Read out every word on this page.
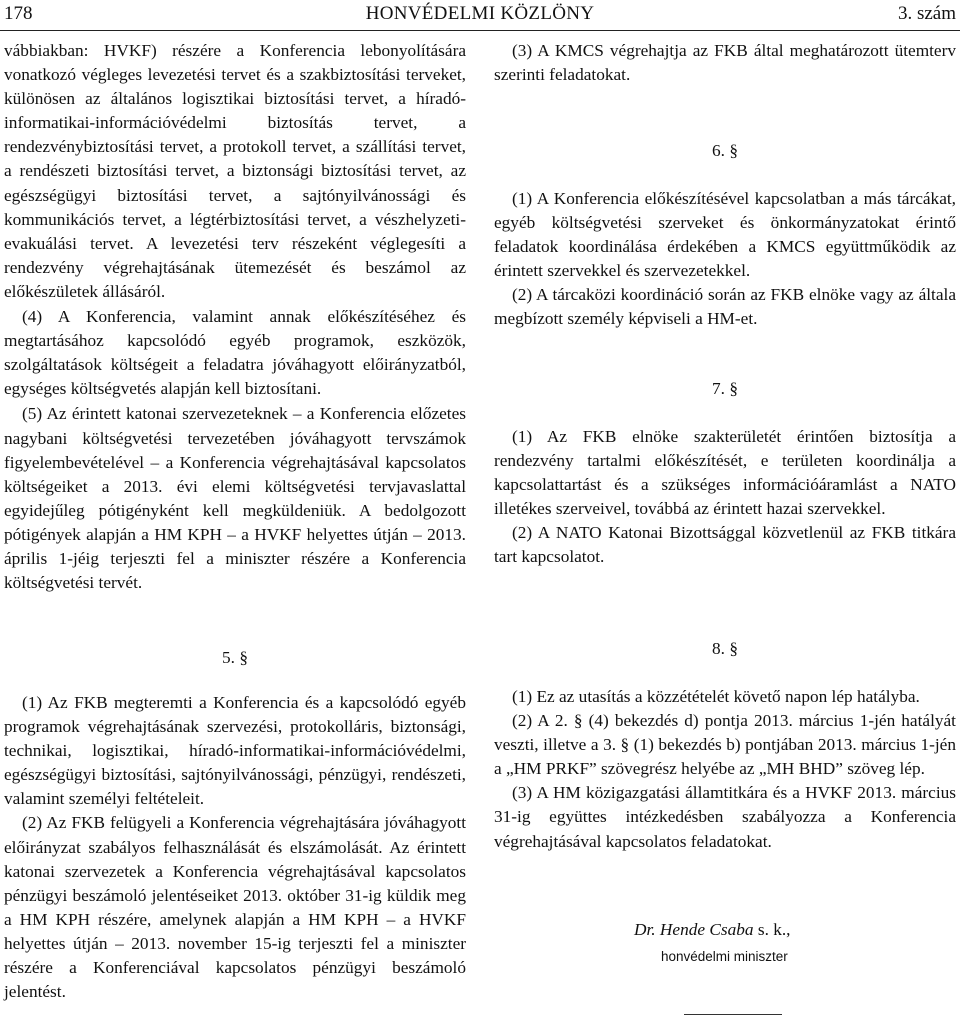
178	HONVÉDELMI KÖZLÖNY	3. szám

vábbiakban: HVKF) részére a Konferencia lebonyolítására vonatkozó végleges levezetési tervet és a szakbiztosítási terveket, különösen az általános logisztikai biztosítási tervet, a híradó-informatikai-információvédelmi biztosítás tervet, a rendezvénybiztosítási tervet, a protokoll tervet, a szállítási tervet, a rendészeti biztosítási tervet, a biztonsági biztosítási tervet, az egészségügyi biztosítási tervet, a sajtónyilvánossági és kommunikációs tervet, a légtérbiztosítási tervet, a vészhelyzeti-evakuálási tervet. A levezetési terv részeként véglegesíti a rendezvény végrehajtásának ütemezését és beszámol az előkészületek állásáról.

(4) A Konferencia, valamint annak előkészítéséhez és megtartásához kapcsolódó egyéb programok, eszközök, szolgáltatások költségeit a feladatra jóváhagyott előirányzatból, egységes költségvetés alapján kell biztosítani.

(5) Az érintett katonai szervezeteknek – a Konferencia előzetes nagybani költségvetési tervezetében jóváhagyott tervszámok figyelembevételével – a Konferencia végrehajtásával kapcsolatos költségeiket a 2013. évi elemi költségvetési tervjavaslattal egyidejűleg pótigényként kell megküldeniük. A bedolgozott pótigények alapján a HM KPH – a HVKF helyettes útján – 2013. április 1-jéig terjeszti fel a miniszter részére a Konferencia költségvetési tervét.

(3) A KMCS végrehajtja az FKB által meghatározott ütemterv szerinti feladatokat.

6. §

(1) A Konferencia előkészítésével kapcsolatban a más tárcákat, egyéb költségvetési szerveket és önkormányzatokat érintő feladatok koordinálása érdekében a KMCS együttműködik az érintett szervekkel és szervezetekkel.

(2) A tárcaközi koordináció során az FKB elnöke vagy az általa megbízott személy képviseli a HM-et.

7. §

(1) Az FKB elnöke szakterületét érintően biztosítja a rendezvény tartalmi előkészítését, e területen koordinálja a kapcsolattartást és a szükséges információáramlást a NATO illetékes szerveivel, továbbá az érintett hazai szervekkel.

(2) A NATO Katonai Bizottsággal közvetlenül az FKB titkára tart kapcsolatot.

5. §

(1) Az FKB megteremti a Konferencia és a kapcsolódó egyéb programok végrehajtásának szervezési, protokolláris, biztonsági, technikai, logisztikai, híradó-informatikai-információvédelmi, egészségügyi biztosítási, sajtónyilvánossági, pénzügyi, rendészeti, valamint személyi feltételeit.

(2) Az FKB felügyeli a Konferencia végrehajtására jóváhagyott előirányzat szabályos felhasználását és elszámolását. Az érintett katonai szervezetek a Konferencia végrehajtásával kapcsolatos pénzügyi beszámoló jelentéseiket 2013. október 31-ig küldik meg a HM KPH részére, amelynek alapján a HM KPH – a HVKF helyettes útján – 2013. november 15-ig terjeszti fel a miniszter részére a Konferenciával kapcsolatos pénzügyi beszámoló jelentést.

8. §

(1) Ez az utasítás a közzétételét követő napon lép hatályba.

(2) A 2. § (4) bekezdés d) pontja 2013. március 1-jén hatályát veszti, illetve a 3. § (1) bekezdés b) pontjában 2013. március 1-jén a „HM PRKF” szövegrész helyébe az „MH BHD” szöveg lép.

(3) A HM közigazgatási államtitkára és a HVKF 2013. március 31-ig együttes intézkedésben szabályozza a Konferencia végrehajtásával kapcsolatos feladatokat.

Dr. Hende Csaba s. k.,
honvédelmi miniszter
